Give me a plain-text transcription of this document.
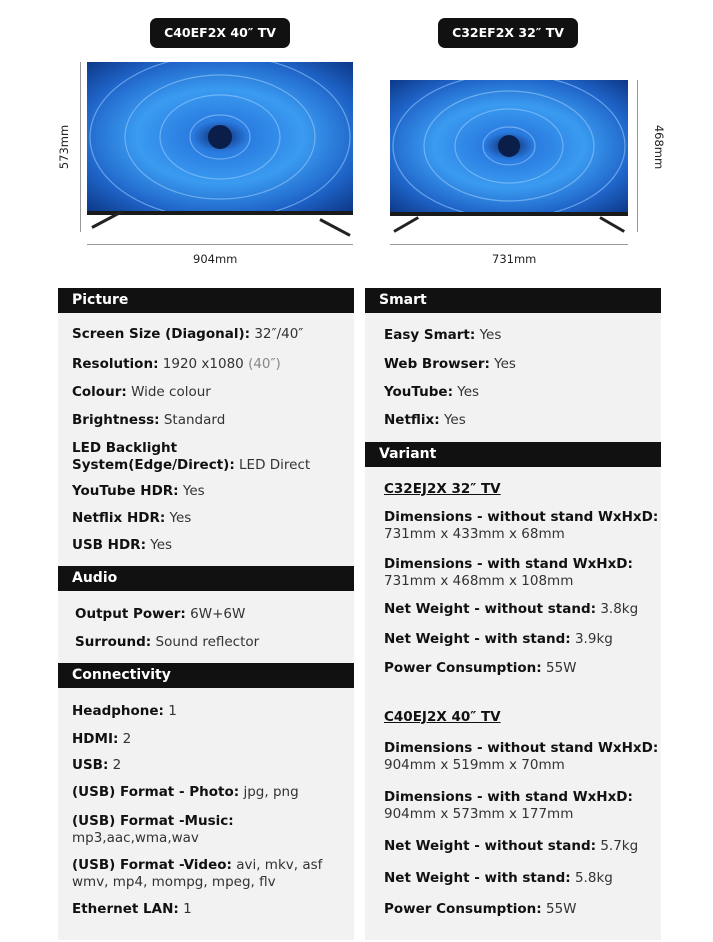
C40EF2X 40″ TV	C32EF2X 32″ TV
573mm
904mm
468mm
731mm
Picture
Screen Size (Diagonal): 32″/40″
Resolution: 1920 x1080 (40″)
Colour: Wide colour
Brightness: Standard
LED Backlight
System(Edge/Direct): LED Direct
YouTube HDR: Yes
Netflix HDR: Yes
USB HDR: Yes
Audio
Output Power: 6W+6W
Surround: Sound reflector
Connectivity
Headphone: 1
HDMI: 2
USB: 2
(USB) Format - Photo: jpg, png
(USB) Format -Music:
mp3,aac,wma,wav
(USB) Format -Video: avi, mkv, asf
wmv, mp4, mompg, mpeg, flv
Ethernet LAN: 1
Smart
Easy Smart: Yes
Web Browser: Yes
YouTube: Yes
Netflix: Yes
Variant
C32EJ2X 32″ TV
Dimensions - without stand WxHxD:
731mm x 433mm x 68mm
Dimensions - with stand WxHxD:
731mm x 468mm x 108mm
Net Weight - without stand: 3.8kg
Net Weight - with stand: 3.9kg
Power Consumption: 55W
C40EJ2X 40″ TV
Dimensions - without stand WxHxD:
904mm x 519mm x 70mm
Dimensions - with stand WxHxD:
904mm x 573mm x 177mm
Net Weight - without stand: 5.7kg
Net Weight - with stand: 5.8kg
Power Consumption: 55W
